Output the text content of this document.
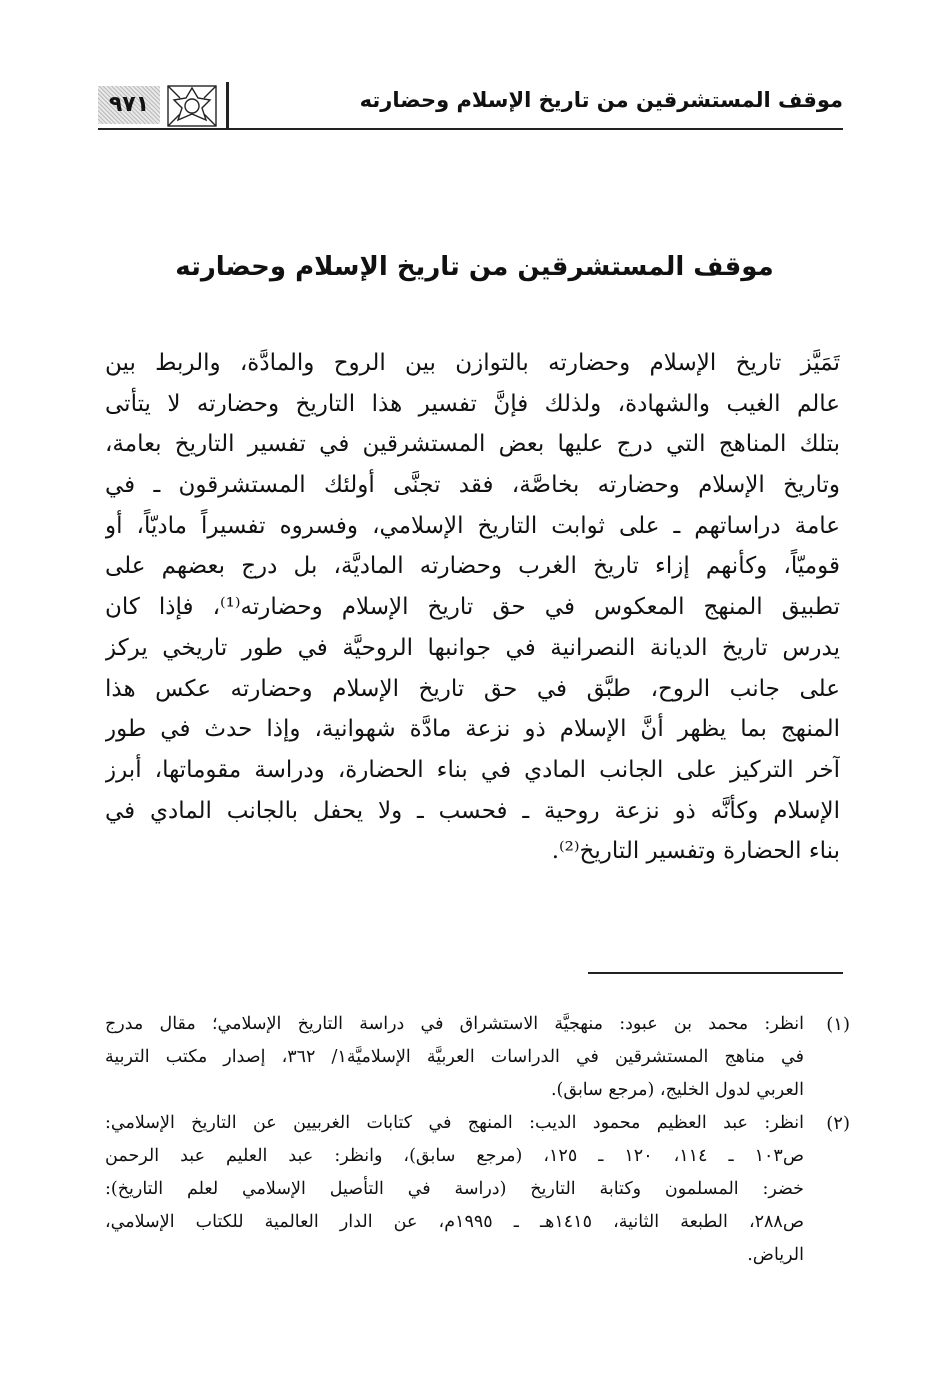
٩٧١	موقف المستشرقين من تاريخ الإسلام وحضارته
موقف المستشرقين من تاريخ الإسلام وحضارته
تَمَيَّز تاريخ الإسلام وحضارته بالتوازن بين الروح والمادَّة، والربط بين
عالم الغيب والشهادة، ولذلك فإنَّ تفسير هذا التاريخ وحضارته لا يتأتى
بتلك المناهج التي درج عليها بعض المستشرقين في تفسير التاريخ بعامة،
وتاريخ الإسلام وحضارته بخاصَّة، فقد تجنَّى أولئك المستشرقون ـ في
عامة دراساتهم ـ على ثوابت التاريخ الإسلامي، وفسروه تفسيراً ماديّاً، أو
قوميّاً، وكأنهم إزاء تاريخ الغرب وحضارته الماديَّة، بل درج بعضهم على
تطبيق المنهج المعكوس في حق تاريخ الإسلام وحضارته⁽¹⁾، فإذا كان
يدرس تاريخ الديانة النصرانية في جوانبها الروحيَّة في طور تاريخي يركز
على جانب الروح، طبَّق في حق تاريخ الإسلام وحضارته عكس هذا
المنهج بما يظهر أنَّ الإسلام ذو نزعة مادَّة شهوانية، وإذا حدث في طور
آخر التركيز على الجانب المادي في بناء الحضارة، ودراسة مقوماتها، أبرز
الإسلام وكأنَّه ذو نزعة روحية ـ فحسب ـ ولا يحفل بالجانب المادي في
بناء الحضارة وتفسير التاريخ⁽²⁾.
(١)
انظر: محمد بن عبود: منهجيَّة الاستشراق في دراسة التاريخ الإسلامي؛ مقال مدرج
في مناهج المستشرقين في الدراسات العربيَّة الإسلاميَّة١/ ٣٦٢، إصدار مكتب التربية
العربي لدول الخليج، (مرجع سابق).
(٢)
انظر: عبد العظيم محمود الديب: المنهج في كتابات الغربيين عن التاريخ الإسلامي:
ص١٠٣ ـ ١١٤، ١٢٠ ـ ١٢٥، (مرجع سابق)، وانظر: عبد العليم عبد الرحمن
خضر: المسلمون وكتابة التاريخ (دراسة في التأصيل الإسلامي لعلم التاريخ):
ص٢٨٨، الطبعة الثانية، ١٤١٥هـ ـ ١٩٩٥م، عن الدار العالمية للكتاب الإسلامي،
الرياض.
